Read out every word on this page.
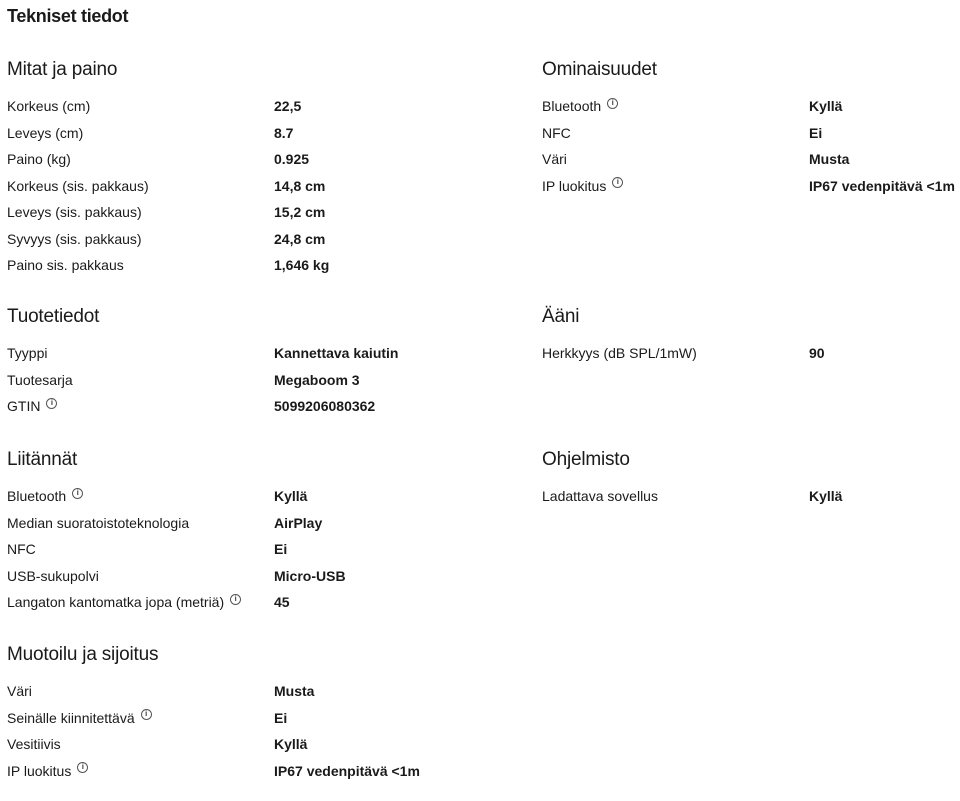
Tekniset tiedot
Mitat ja paino
Korkeus (cm)	22,5
Leveys (cm)	8.7
Paino (kg)	0.925
Korkeus (sis. pakkaus)	14,8 cm
Leveys (sis. pakkaus)	15,2 cm
Syvyys (sis. pakkaus)	24,8 cm
Paino sis. pakkaus	1,646 kg
Tuotetiedot
Tyyppi	Kannettava kaiutin
Tuotesarja	Megaboom 3
GTIN	i	5099206080362
Liitännät
Bluetooth	i	Kyllä
Median suoratoistoteknologia	AirPlay
NFC	Ei
USB-sukupolvi	Micro-USB
Langaton kantomatka jopa (metriä)	i	45
Muotoilu ja sijoitus
Väri	Musta
Seinälle kiinnitettävä	i	Ei
Vesitiivis	Kyllä
IP luokitus	i	IP67 vedenpitävä <1m
Ominaisuudet
Bluetooth	i	Kyllä
NFC	Ei
Väri	Musta
IP luokitus	i	IP67 vedenpitävä <1m
Ääni
Herkkyys (dB SPL/1mW)	90
Ohjelmisto
Ladattava sovellus	Kyllä
